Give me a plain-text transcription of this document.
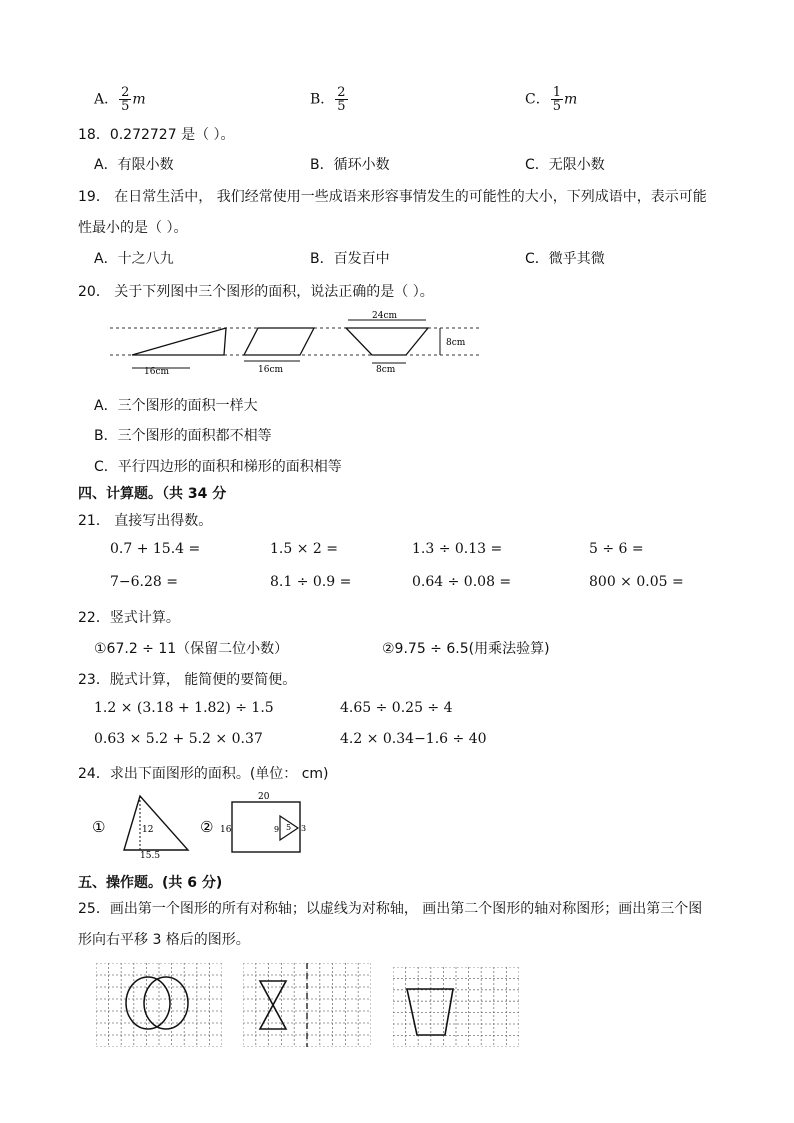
A． $\frac{2}{5}$ m	B． $\frac{2}{5}$	C． $\frac{1}{5}$ m
18．0.272727 是（ ）。
A．有限小数	B．循环小数	C．无限小数
19． 在日常生活中， 我们经常使用一些成语来形容事情发生的可能性的大小，下列成语中，表示可能
性最小的是（ ）。
A．十之八九	B．百发百中	C．微乎其微
20． 关于下列图中三个图形的面积，说法正确的是（ ）。
16cm	16cm
24cm
8cm
8cm
A．三个图形的面积一样大
B．三个图形的面积都不相等
C．平行四边形的面积和梯形的面积相等
四、计算题。（共 34 分
21． 直接写出得数。
0.7 + 15.4 =	1.5 × 2 =	1.3 ÷ 0.13 =	5 ÷ 6 =
7−6.28 =	8.1 ÷ 0.9 =	0.64 ÷ 0.08 =	800 × 0.05 =
22．竖式计算。
①67.2 ÷ 11（保留二位小数）	②9.75 ÷ 6.5(用乘法验算)
23．脱式计算， 能简便的要简便。
1.2 × (3.18 + 1.82) ÷ 1.5	4.65 ÷ 0.25 ÷ 4
0.63 × 5.2 + 5.2 × 0.37	4.2 × 0.34−1.6 ÷ 40
24．求出下面图形的面积。(单位： cm)
①	12
15.5
②
20
16	9 5 3
五、操作题。(共 6 分)
25．画出第一个图形的所有对称轴；以虚线为对称轴， 画出第二个图形的轴对称图形；画出第三个图
形向右平移 3 格后的图形。
